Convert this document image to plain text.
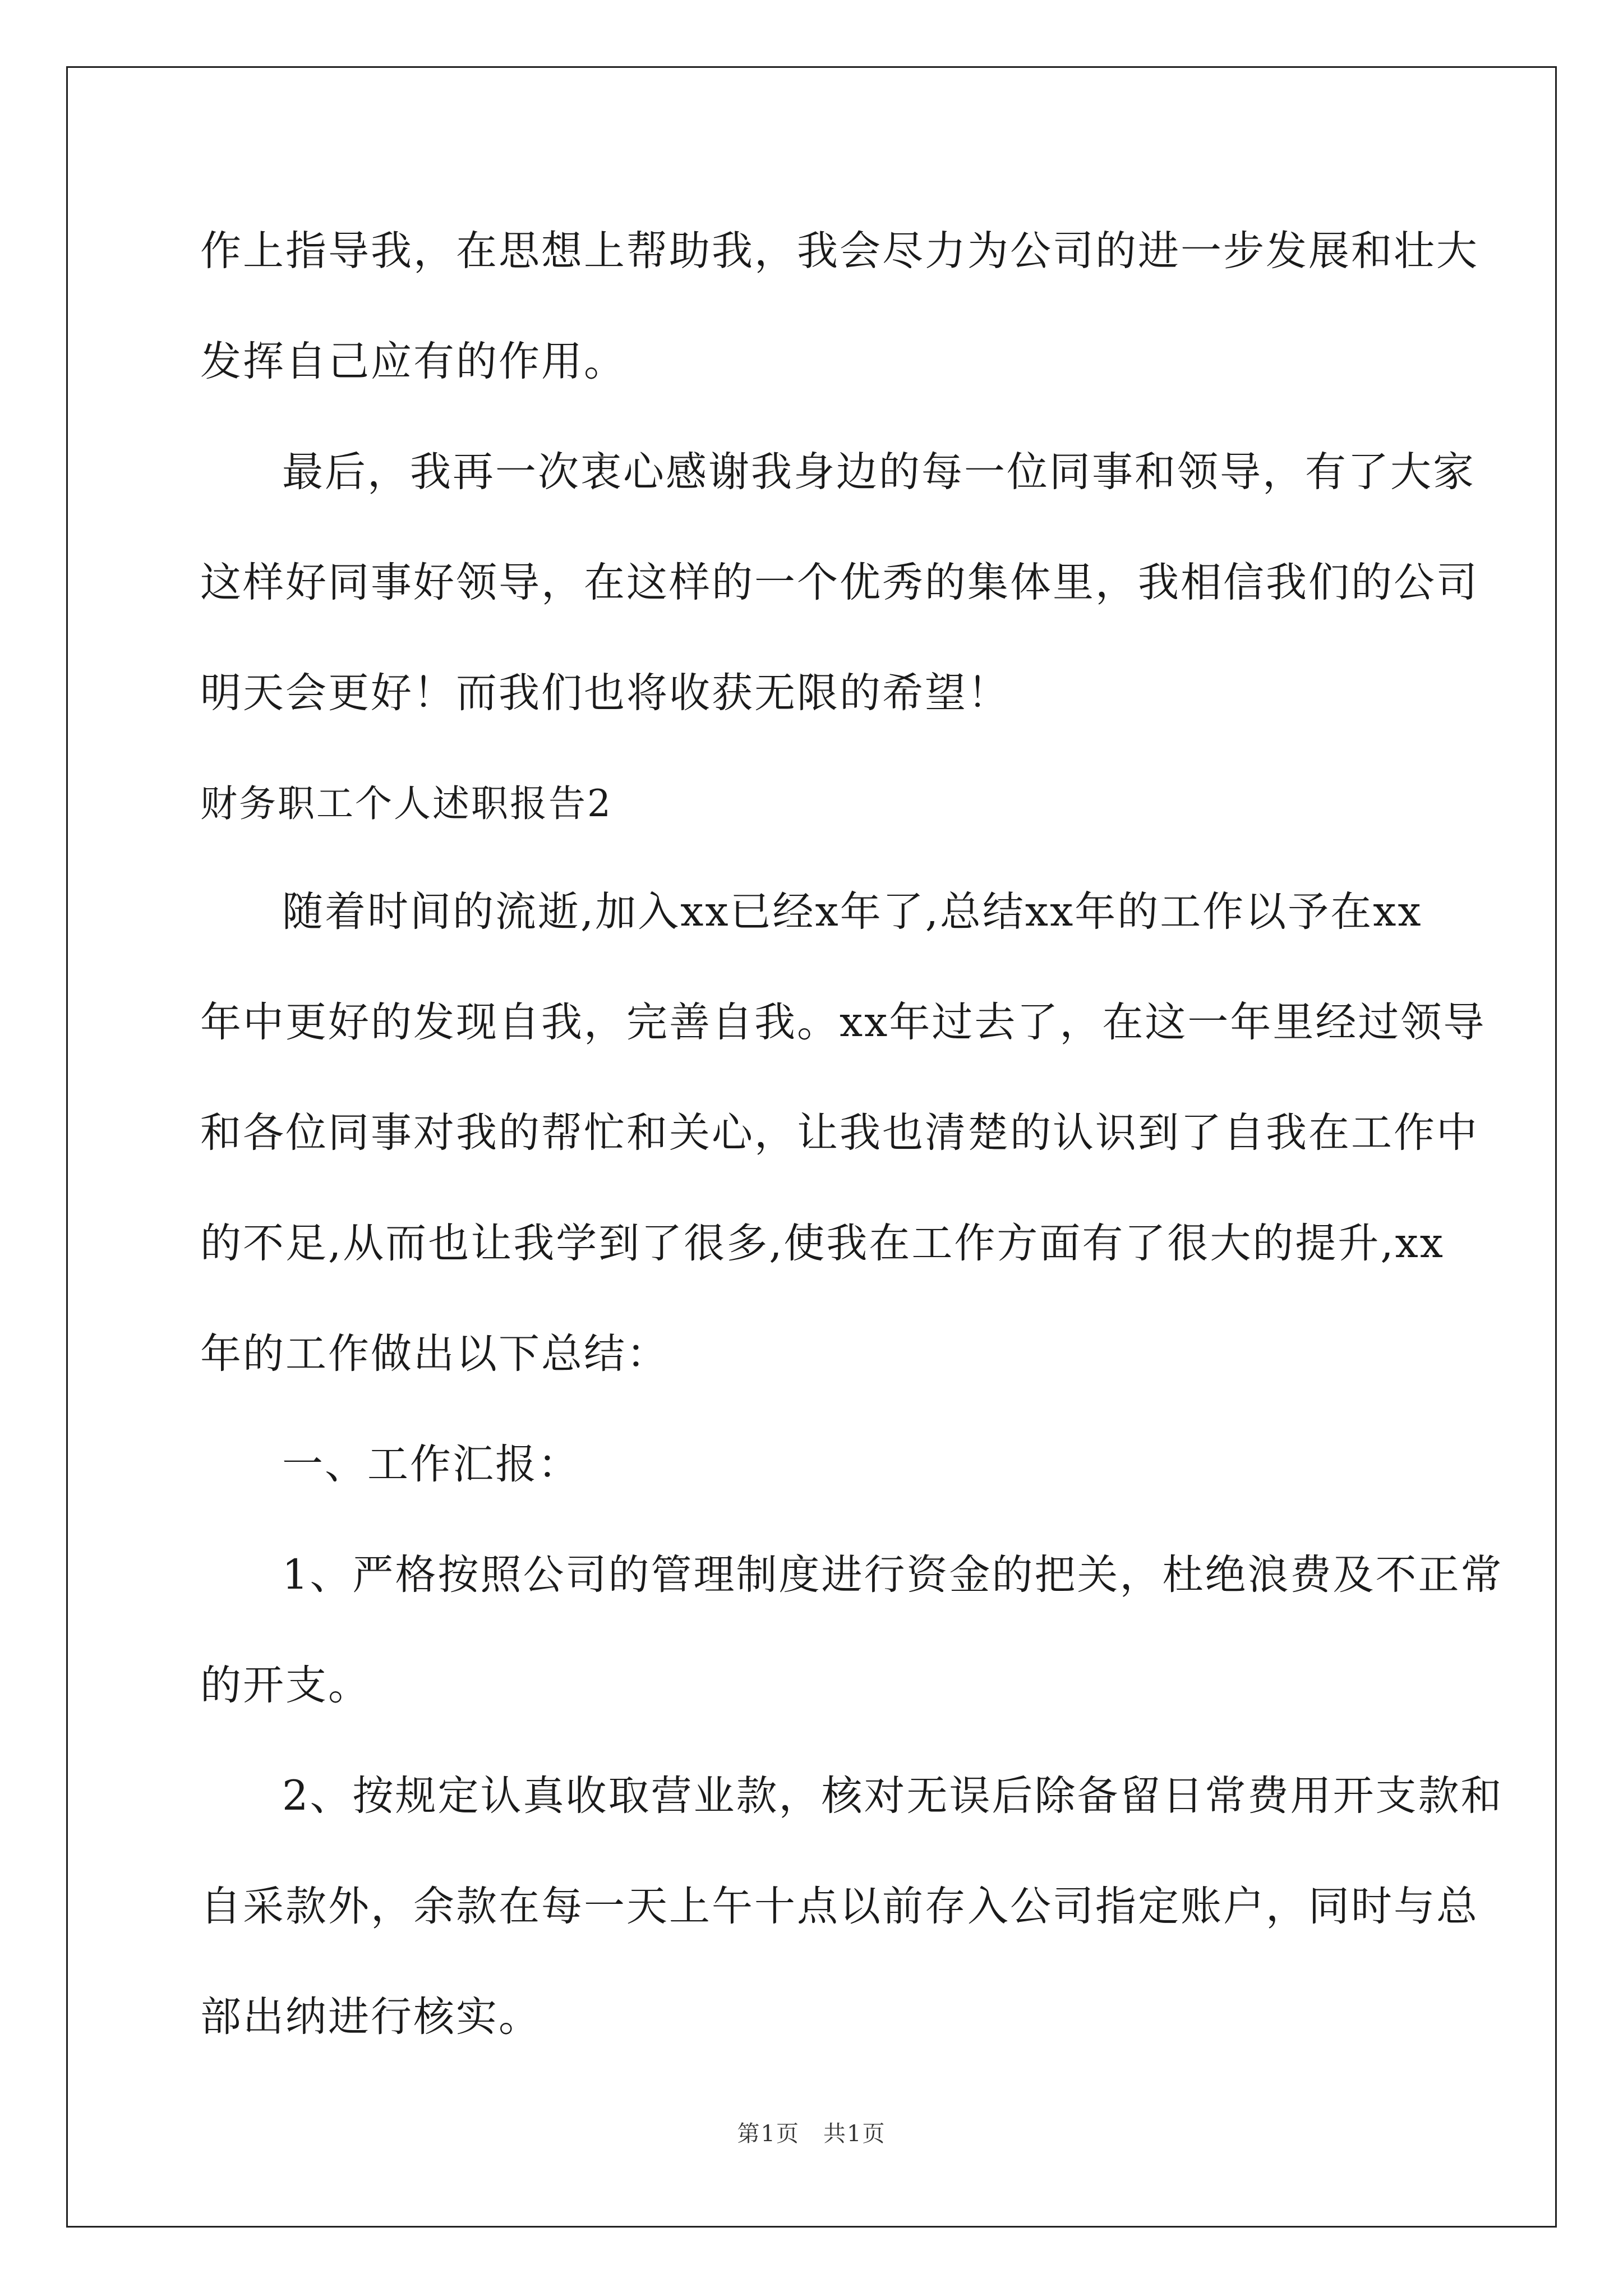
作上指导我，在思想上帮助我，我会尽力为公司的进一步发展和壮大
发挥自己应有的作用。
最后，我再一次衷心感谢我身边的每一位同事和领导，有了大家
这样好同事好领导，在这样的一个优秀的集体里，我相信我们的公司
明天会更好！而我们也将收获无限的希望！
财务职工个人述职报告2
随着时间的流逝,加入xx已经x年了,总结xx年的工作以予在xx
年中更好的发现自我，完善自我。xx年过去了，在这一年里经过领导
和各位同事对我的帮忙和关心，让我也清楚的认识到了自我在工作中
的不足,从而也让我学到了很多,使我在工作方面有了很大的提升,xx
年的工作做出以下总结：
一、工作汇报：
1、严格按照公司的管理制度进行资金的把关，杜绝浪费及不正常
的开支。
2、按规定认真收取营业款，核对无误后除备留日常费用开支款和
自采款外，余款在每一天上午十点以前存入公司指定账户，同时与总
部出纳进行核实。
第1页　共1页
